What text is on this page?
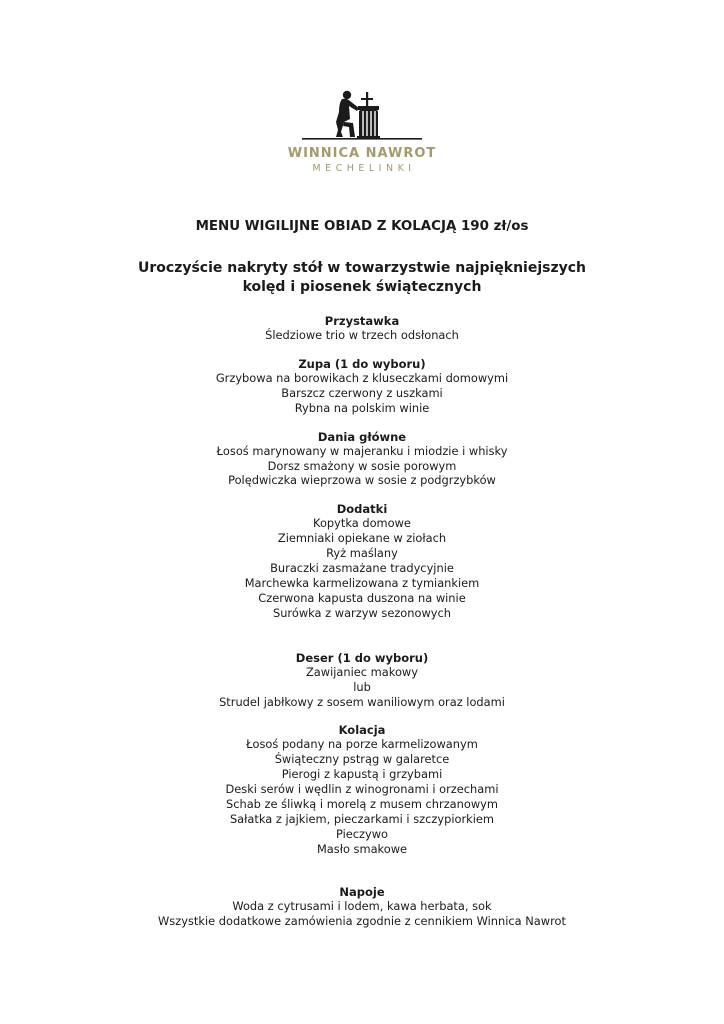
WINNICA NAWROT
MECHELINKI
MENU WIGILIJNE OBIAD Z KOLACJĄ 190 zł/os
Uroczyście nakryty stół w towarzystwie najpiękniejszych kolęd i piosenek świątecznych
Przystawka
Śledziowe trio w trzech odsłonach
Zupa (1 do wyboru)
Grzybowa na borowikach z kluseczkami domowymi
Barszcz czerwony z uszkami
Rybna na polskim winie
Dania główne
Łosoś marynowany w majeranku i miodzie i whisky
Dorsz smażony w sosie porowym
Polędwiczka wieprzowa w sosie z podgrzybków
Dodatki
Kopytka domowe
Ziemniaki opiekane w ziołach
Ryż maślany
Buraczki zasmażane tradycyjnie
Marchewka karmelizowana z tymiankiem
Czerwona kapusta duszona na winie
Surówka z warzyw sezonowych
Deser (1 do wyboru)
Zawijaniec makowy
lub
Strudel jabłkowy z sosem waniliowym oraz lodami
Kolacja
Łosoś podany na porze karmelizowanym
Świąteczny pstrąg w galaretce
Pierogi z kapustą i grzybami
Deski serów i wędlin z winogronami i orzechami
Schab ze śliwką i morelą z musem chrzanowym
Sałatka z jajkiem, pieczarkami i szczypiorkiem
Pieczywo
Masło smakowe
Napoje
Woda z cytrusami i lodem, kawa herbata, sok
Wszystkie dodatkowe zamówienia zgodnie z cennikiem Winnica Nawrot
